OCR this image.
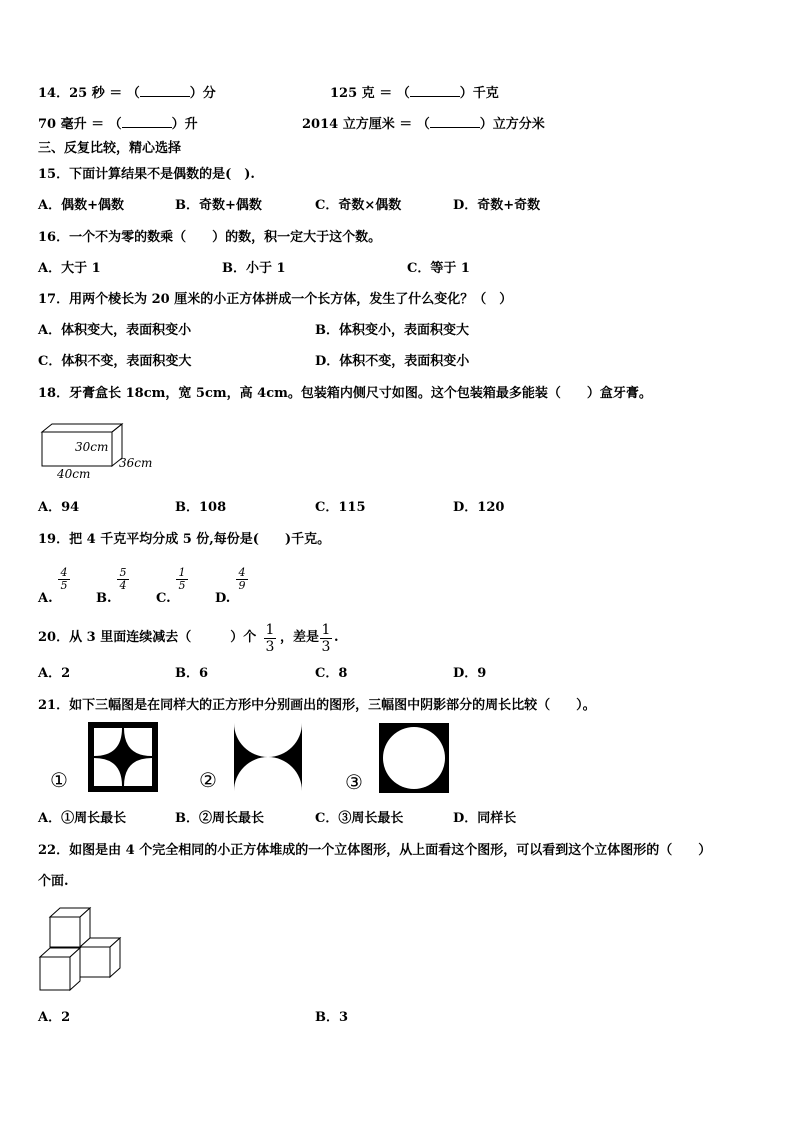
14．25 秒 ＝ （	）分	125 克 ＝ （	）千克
70 毫升 ＝ （	）升	2014 立方厘米 ＝ （	）立方分米
三、反复比较，精心选择
15．下面计算结果不是偶数的是(　).
A．偶数+偶数	B．奇数+偶数	C．奇数×偶数	D．奇数+奇数
16．一个不为零的数乘（　　）的数，积一定大于这个数。
A．大于 1	B．小于 1	C．等于 1
17．用两个棱长为 20 厘米的小正方体拼成一个长方体，发生了什么变化？（　）
A．体积变大，表面积变小	B．体积变小，表面积变大
C．体积不变，表面积变大	D．体积不变，表面积变小
18．牙膏盒长 18cm，宽 5cm，高 4cm。包装箱内侧尺寸如图。这个包装箱最多能装（　　）盒牙膏。
30cm
36cm
40cm
A．94	B．108	C．115	D．120
19．把 4 千克平均分成 5 份,每份是(　　)千克。
A.
$\frac{4}{5}$
B.
$\frac{5}{4}$
C.
$\frac{1}{5}$
D.
$\frac{4}{9}$
20．从 3 里面连续减去（　　　）个 $\frac{1}{3}$ ，差是 $\frac{1}{3}$ .
A．2	B．6	C．8	D．9
21．如下三幅图是在同样大的正方形中分别画出的图形，三幅图中阴影部分的周长比较（　　）。
①	②	③
A．①周长最长	B．②周长最长	C．③周长最长	D．同样长
22．如图是由 4 个完全相同的小正方体堆成的一个立体图形，从上面看这个图形，可以看到这个立体图形的（　　）
个面.
A．2	B．3
